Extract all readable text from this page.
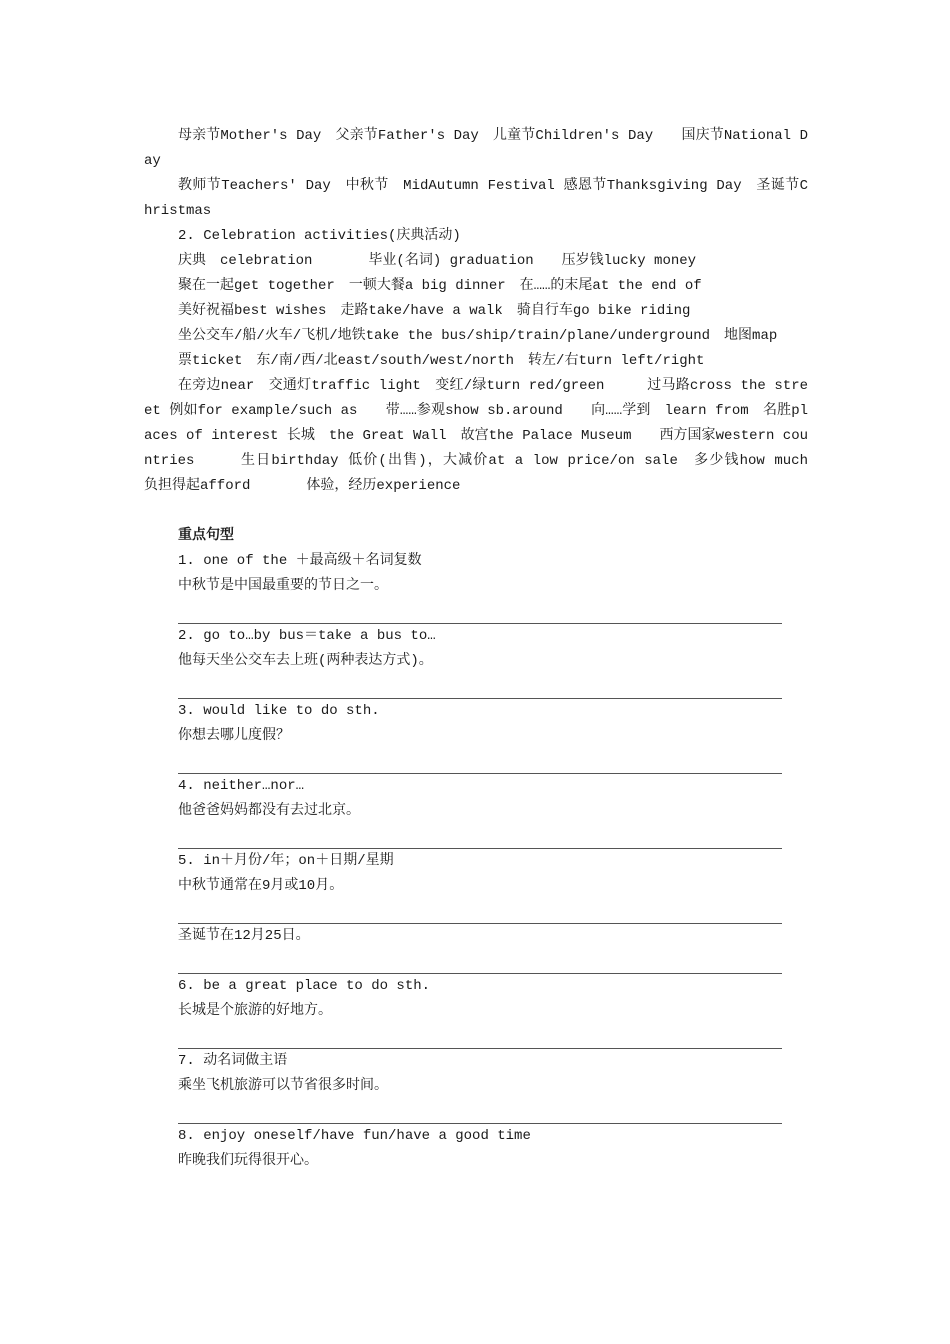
母亲节Mother's Day　父亲节Father's Day　儿童节Children's Day　　国庆节National Day

教师节Teachers' Day　中秋节　MidAutumn Festival 感恩节Thanksgiving Day　圣诞节Christmas

2. Celebration activities(庆典活动)

庆典　celebration　　　　毕业(名词) graduation　　压岁钱lucky money

聚在一起get together　一顿大餐a big dinner　在……的末尾at the end of

美好祝福best wishes　走路take/have a walk　骑自行车go bike riding

坐公交车/船/火车/飞机/地铁take the bus/ship/train/plane/underground　地图map

票ticket　东/南/西/北east/south/west/north　转左/右turn left/right

在旁边near　交通灯traffic light　变红/绿turn red/green　　　过马路cross the street 例如for example/such as　　带……参观show sb.around　　向……学到　learn from　名胜places of interest 长城　the Great Wall　故宫the Palace Museum　　西方国家western countries　　　生日birthday 低价(出售)，大减价at a low price/on sale　多少钱how much　　负担得起afford　　　　体验，经历experience

重点句型

1. one of the ＋最高级＋名词复数

中秋节是中国最重要的节日之一。

2. go to…by bus＝take a bus to…

他每天坐公交车去上班(两种表达方式)。

3. would like to do sth.

你想去哪儿度假？

4. neither…nor…

他爸爸妈妈都没有去过北京。

5. in＋月份/年；on＋日期/星期

中秋节通常在9月或10月。

圣诞节在12月25日。

6. be a great place to do sth.

长城是个旅游的好地方。

7. 动名词做主语

乘坐飞机旅游可以节省很多时间。

8. enjoy oneself/have fun/have a good time

昨晚我们玩得很开心。
